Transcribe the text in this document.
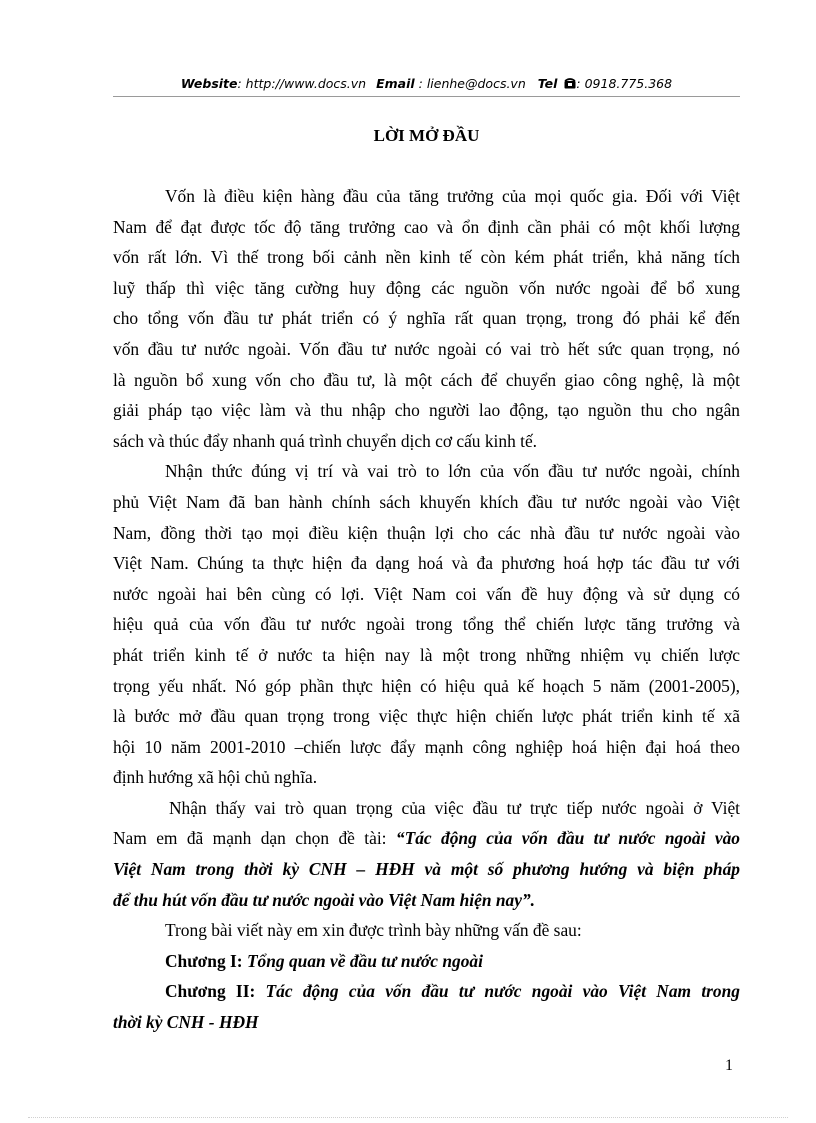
Website: http://www.docs.vn Email : lienhe@docs.vn Tel : 0918.775.368
LỜI MỞ ĐẦU

Vốn là điều kiện hàng đầu của tăng trưởng của mọi quốc gia. Đối với Việt
Nam để đạt được tốc độ tăng trưởng cao và ổn định cần phải có một khối lượng
vốn rất lớn. Vì thế trong bối cảnh nền kinh tế còn kém phát triển, khả năng tích
luỹ thấp thì việc tăng cường huy động các nguồn vốn nước ngoài để bổ xung
cho tổng vốn đầu tư phát triển có ý nghĩa rất quan trọng, trong đó phải kể đến
vốn đầu tư nước ngoài. Vốn đầu tư nước ngoài có vai trò hết sức quan trọng, nó
là nguồn bổ xung vốn cho đầu tư, là một cách để chuyển giao công nghệ, là một
giải pháp tạo việc làm và thu nhập cho người lao động, tạo nguồn thu cho ngân
sách và thúc đẩy nhanh quá trình chuyển dịch cơ cấu kinh tế.

Nhận thức đúng vị trí và vai trò to lớn của vốn đầu tư nước ngoài, chính
phủ Việt Nam đã ban hành chính sách khuyến khích đầu tư nước ngoài vào Việt
Nam, đồng thời tạo mọi điều kiện thuận lợi cho các nhà đầu tư nước ngoài vào
Việt Nam. Chúng ta thực hiện đa dạng hoá và đa phương hoá hợp tác đầu tư với
nước ngoài hai bên cùng có lợi. Việt Nam coi vấn đề huy động và sử dụng có
hiệu quả của vốn đầu tư nước ngoài trong tổng thể chiến lược tăng trưởng và
phát triển kinh tế ở nước ta hiện nay là một trong những nhiệm vụ chiến lược
trọng yếu nhất. Nó góp phần thực hiện có hiệu quả kế hoạch 5 năm (2001-2005),
là bước mở đầu quan trọng trong việc thực hiện chiến lược phát triển kinh tế xã
hội 10 năm 2001-2010 –chiến lược đẩy mạnh công nghiệp hoá hiện đại hoá theo
định hướng xã hội chủ nghĩa.

Nhận thấy vai trò quan trọng của việc đầu tư trực tiếp nước ngoài ở Việt
Nam em đã mạnh dạn chọn đề tài: “Tác động của vốn đầu tư nước ngoài vào
Việt Nam trong thời kỳ CNH – HĐH và một số phương hướng và biện pháp
để thu hút vốn đầu tư nước ngoài vào Việt Nam hiện nay”.

Trong bài viết này em xin được trình bày những vấn đề sau:

Chương I: Tổng quan về đầu tư nước ngoài

Chương II: Tác động của vốn đầu tư nước ngoài vào Việt Nam trong
thời kỳ CNH - HĐH

1
